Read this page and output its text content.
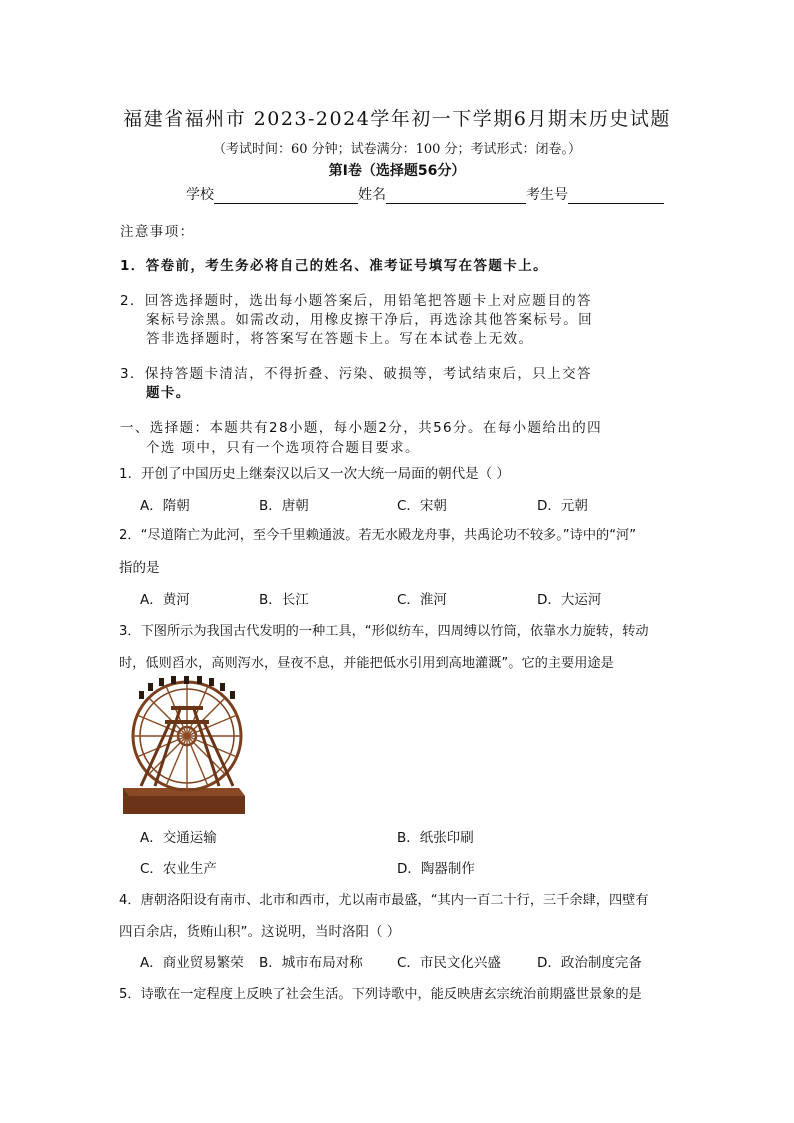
福建省福州市 2023-2024学年初一下学期6月期末历史试题
（考试时间：60 分钟；试卷满分：100 分；考试形式：闭卷。）
第Ⅰ卷（选择题56分）
学校	姓名	考生号
注意事项：
1．答卷前，考生务必将自己的姓名、准考证号填写在答题卡上。
2．回答选择题时，选出每小题答案后，用铅笔把答题卡上对应题目的答
案标号涂黑。如需改动，用橡皮擦干净后，再选涂其他答案标号。回
答非选择题时，将答案写在答题卡上。写在本试卷上无效。
3．保持答题卡清洁，不得折叠、污染、破损等，考试结束后，只上交答
题卡。
一、选择题：本题共有28小题，每小题2分，共56分。在每小题给出的四
个选 项中，只有一个选项符合题目要求。
1．开创了中国历史上继秦汉以后又一次大统一局面的朝代是（ ）
A．隋朝	B．唐朝	C．宋朝	D．元朝
2．“尽道隋亡为此河，至今千里赖通波。若无水殿龙舟事，共禹论功不较多。”诗中的“河”
指的是
A．黄河	B．长江	C．淮河	D．大运河
3．下图所示为我国古代发明的一种工具，“形似纺车，四周缚以竹筒，依靠水力旋转，转动
时，低则舀水，高则泻水，昼夜不息，并能把低水引用到高地灌溉”。它的主要用途是
A．交通运输	B．纸张印刷
C．农业生产	D．陶器制作
4．唐朝洛阳设有南市、北市和西市，尤以南市最盛，“其内一百二十行，三千余肆，四壁有
四百余店，货贿山积”。这说明，当时洛阳（ ）
A．商业贸易繁荣 B．城市布局对称	C．市民文化兴盛	D．政治制度完备
5．诗歌在一定程度上反映了社会生活。下列诗歌中，能反映唐玄宗统治前期盛世景象的是
